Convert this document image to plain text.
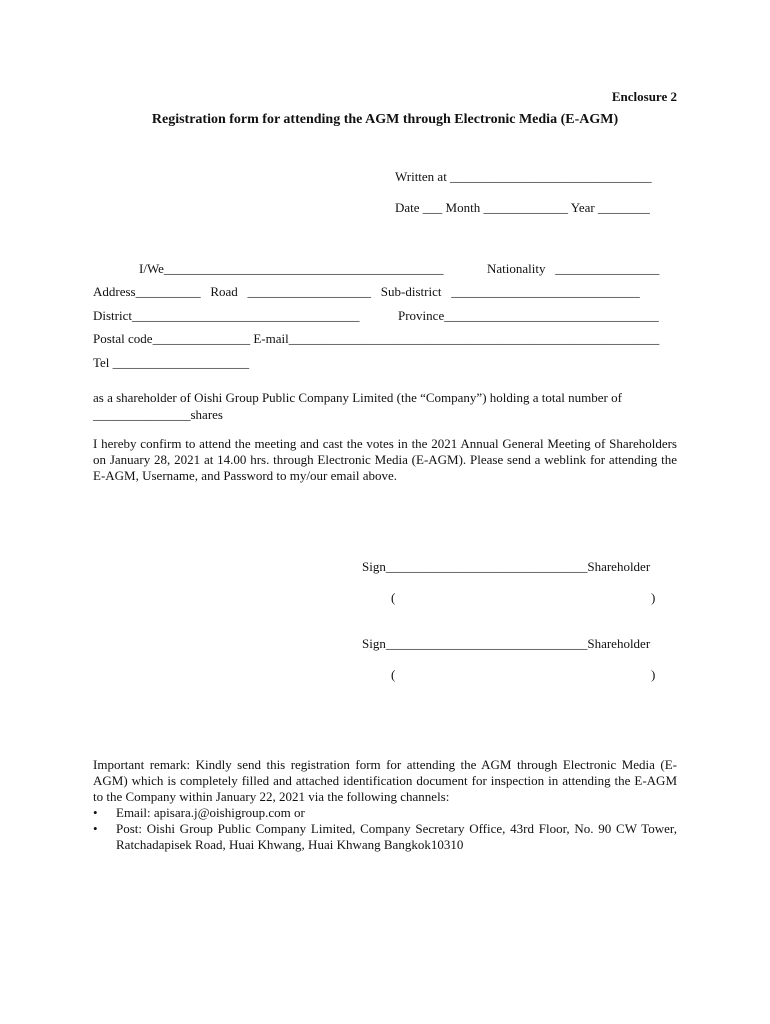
Enclosure 2
Registration form for attending the AGM through Electronic Media (E-AGM)
Written at _______________________________
Date ___ Month _____________ Year ________
I/We___________________________________________	Nationality   ________________
Address__________   Road   ___________________   Sub-district   _____________________________
District___________________________________	Province_________________________________
Postal code_______________ E-mail_________________________________________________________
Tel _____________________
as a shareholder of Oishi Group Public Company Limited (the “Company”) holding a total number of
_______________shares
I hereby confirm to attend the meeting and cast the votes in the 2021 Annual General Meeting of Shareholders on January 28, 2021 at 14.00 hrs. through Electronic Media (E-AGM). Please send a weblink for attending the E-AGM, Username, and Password to my/our email above.
Sign_______________________________Shareholder
(	)
Sign_______________________________Shareholder
(	)
Important remark: Kindly send this registration form for attending the AGM through Electronic Media (E-AGM) which is completely filled and attached identification document for inspection in attending the E-AGM to the Company within January 22, 2021 via the following channels:
• Email: apisara.j@oishigroup.com or
• Post: Oishi Group Public Company Limited, Company Secretary Office, 43rd Floor, No. 90 CW Tower, Ratchadapisek Road, Huai Khwang, Huai Khwang Bangkok10310
